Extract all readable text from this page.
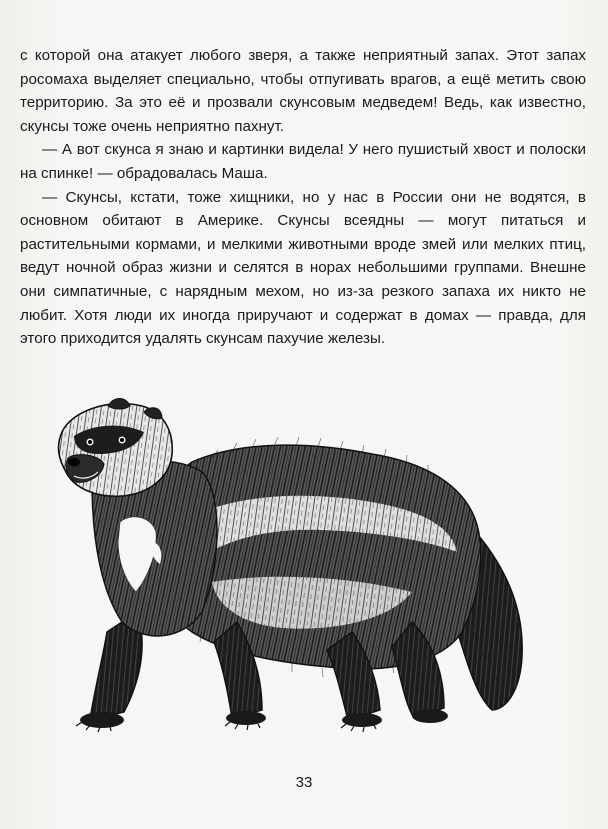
с которой она атакует любого зверя, а также неприятный запах. Этот запах росомаха выделяет специально, чтобы отпугивать врагов, а ещё метить свою территорию. За это её и прозвали скунсовым медведем! Ведь, как известно, скунсы тоже очень неприятно пахнут.

— А вот скунса я знаю и картинки видела! У него пушистый хвост и полоски на спинке! — обрадовалась Маша.

— Скунсы, кстати, тоже хищники, но у нас в России они не водятся, в основном обитают в Америке. Скунсы всеядны — могут питаться и растительными кормами, и мелкими животными вроде змей или мелких птиц, ведут ночной образ жизни и селятся в норах небольшими группами. Внешне они симпатичные, с нарядным мехом, но из-за резкого запаха их никто не любит. Хотя люди их иногда приручают и содержат в домах — правда, для этого приходится удалять скунсам пахучие железы.

33
